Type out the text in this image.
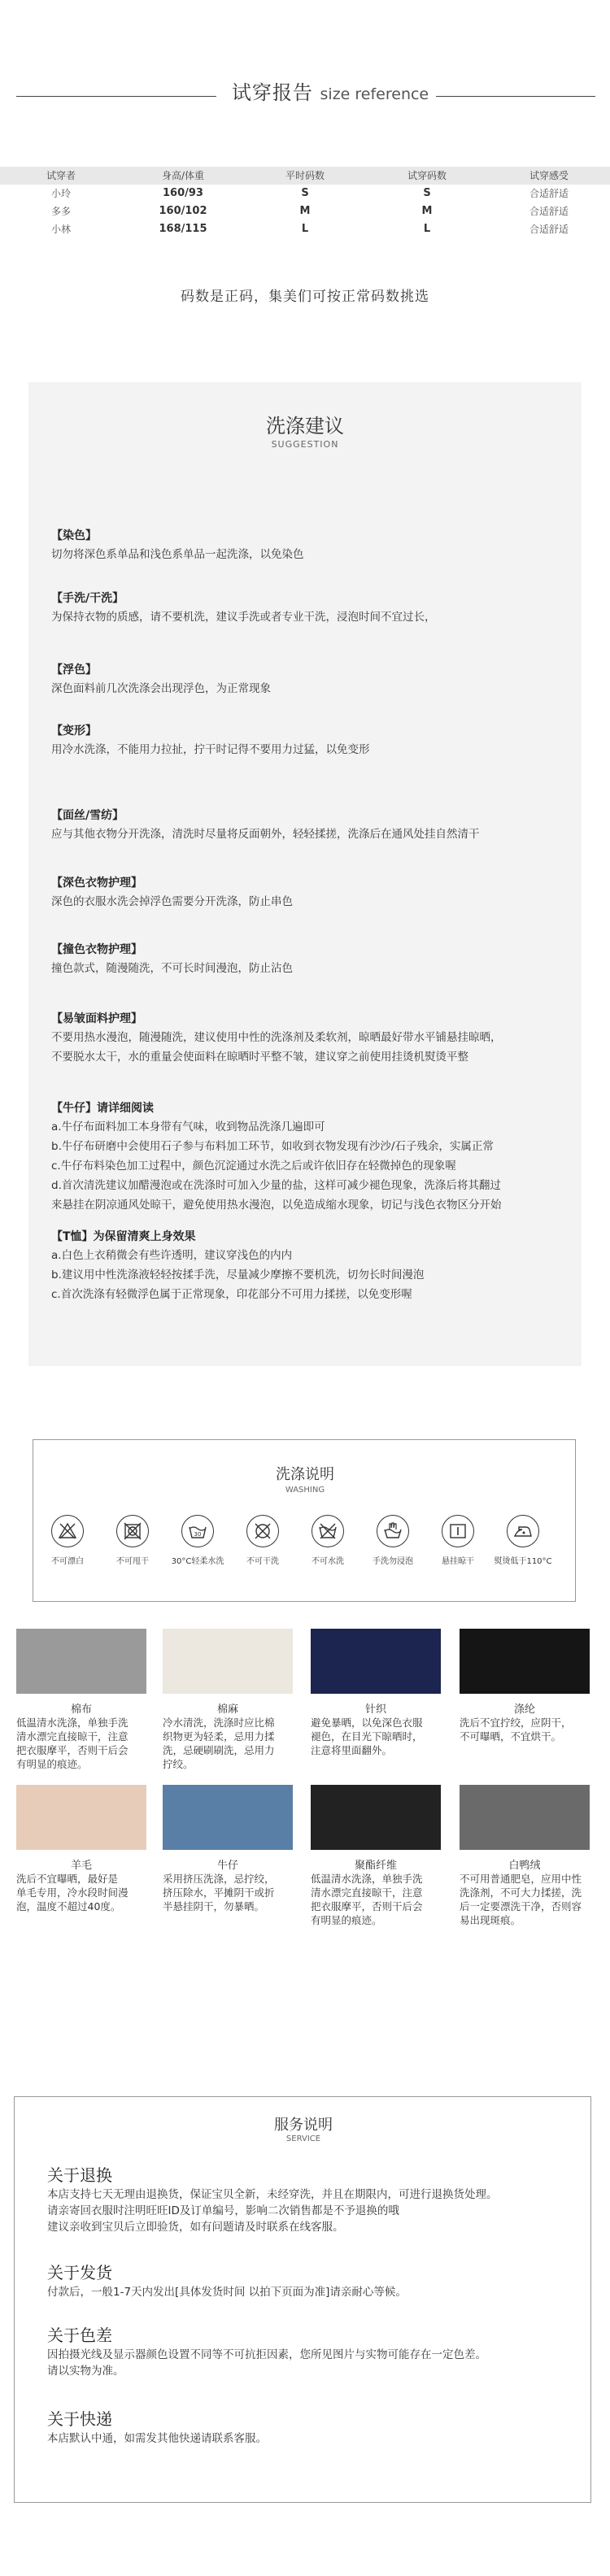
试穿报告 size reference
试穿者	身高/体重	平时码数	试穿码数	试穿感受
小玲	160/93	S	S	合适舒适
多多	160/102	M	M	合适舒适
小林	168/115	L	L	合适舒适
码数是正码，集美们可按正常码数挑选
洗涤建议
SUGGESTION
【染色】
切勿将深色系单品和浅色系单品一起洗涤，以免染色
【手洗/干洗】
为保持衣物的质感，请不要机洗，建议手洗或者专业干洗，浸泡时间不宜过长，
【浮色】
深色面料前几次洗涤会出现浮色，为正常现象
【变形】
用冷水洗涤，不能用力拉扯，拧干时记得不要用力过猛，以免变形
【面丝/雪纺】
应与其他衣物分开洗涤，清洗时尽量将反面朝外，轻轻揉搓，洗涤后在通风处挂自然清干
【深色衣物护理】
深色的衣服水洗会掉浮色需要分开洗涤，防止串色
【撞色衣物护理】
撞色款式，随漫随洗，不可长时间漫泡，防止沾色
【易皱面料护理】
不要用热水漫泡，随漫随洗，建议使用中性的洗涤剂及柔软剂，晾晒最好带水平铺悬挂晾晒，
不要脱水太干，水的重量会使面料在晾晒时平整不皱，建议穿之前使用挂烫机熨烫平整
【牛仔】请详细阅读
a.牛仔布面料加工本身带有气味，收到物品洗涤几遍即可
b.牛仔布研磨中会使用石子参与布料加工环节，如收到衣物发现有沙沙/石子残余，实属正常
c.牛仔布料染色加工过程中，颜色沉淀通过水洗之后或许依旧存在轻微掉色的现象喔
d.首次清洗建议加醋漫泡或在洗涤时可加入少量的盐，这样可减少褪色现象，洗涤后将其翻过
来悬挂在阴凉通风处晾干，避免使用热水漫泡，以免造成缩水现象，切记与浅色衣物区分开始
【T恤】为保留清爽上身效果
a.白色上衣稍微会有些许透明，建议穿浅色的内内
b.建议用中性洗涤液轻轻按揉手洗，尽量减少摩擦不要机洗，切勿长时间漫泡
c.首次洗涤有轻微浮色属于正常现象，印花部分不可用力揉搓，以免变形喔
洗涤说明
WASHING
不可漂白	不可甩干
30
30°C轻柔水洗	不可干洗	不可水洗	手洗勿浸泡	悬挂晾干	熨烫低于110°C
棉布
低温清水洗涤，单独手洗
清水漂完直接晾干，注意
把衣服摩平，否则干后会
有明显的痕迹。
棉麻
冷水清洗，洗涤时应比棉
织物更为轻柔，忌用力揉
洗，忌硬刷刷洗，忌用力
拧绞。
针织
避免暴晒，以免深色衣服
褪色，在目光下晾晒时，
注意将里面翻外。
涤纶
洗后不宜拧绞，应阴干，
不可曝晒，不宜烘干。
羊毛
洗后不宜曝晒，最好是
单毛专用，冷水段时间漫
泡，温度不超过40度。
牛仔
采用挤压洗涤，忌拧绞，
挤压除水，平摊阴干或折
半悬挂阴干，勿暴晒。
聚酯纤维
低温清水洗涤，单独手洗
清水漂完直接晾干，注意
把衣服摩平，否则干后会
有明显的痕迹。
白鸭绒
不可用普通肥皂，应用中性
洗涤剂，不可大力揉搓，洗
后一定要漂洗干净，否则容
易出现斑痕。
服务说明
SERVICE
关于退换
本店支持七天无理由退换货，保证宝贝全新，未经穿洗，并且在期限内，可进行退换货处理。
请亲寄回衣服时注明旺旺ID及订单编号，影响二次销售都是不予退换的哦
建议亲收到宝贝后立即验货，如有问题请及时联系在线客服。
关于发货
付款后，一般1-7天内发出[具体发货时间 以拍下页面为准]请亲耐心等候。
关于色差
因拍摄光线及显示器颜色设置不同等不可抗拒因素，您所见图片与实物可能存在一定色差。
请以实物为准。
关于快递
本店默认中通，如需发其他快递请联系客服。
